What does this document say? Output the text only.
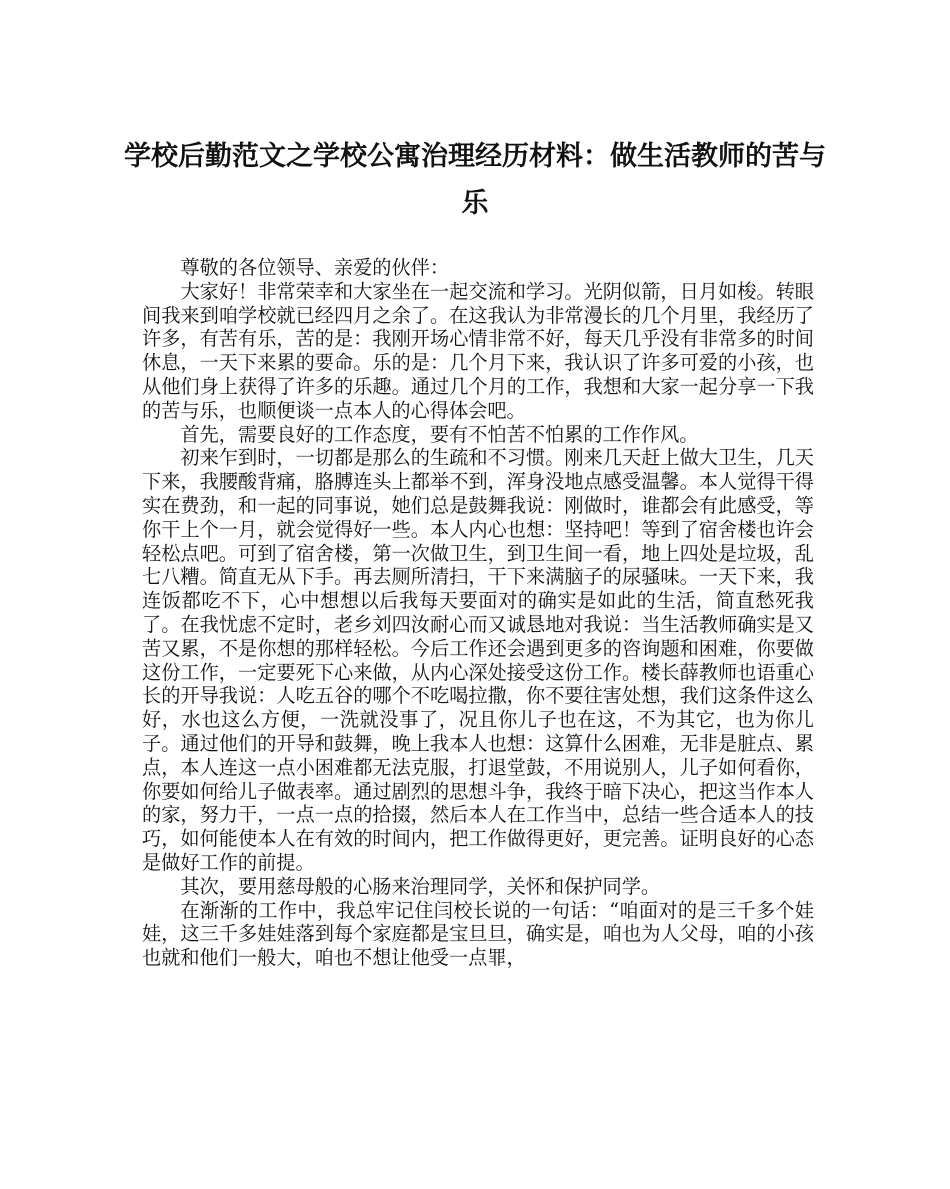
学校后勤范文之学校公寓治理经历材料：做生活教师的苦与乐

尊敬的各位领导、亲爱的伙伴：

大家好！非常荣幸和大家坐在一起交流和学习。光阴似箭，日月如梭。转眼间我来到咱学校就已经四月之余了。在这我认为非常漫长的几个月里，我经历了许多，有苦有乐，苦的是：我刚开场心情非常不好，每天几乎没有非常多的时间休息，一天下来累的要命。乐的是：几个月下来，我认识了许多可爱的小孩，也从他们身上获得了许多的乐趣。通过几个月的工作，我想和大家一起分享一下我的苦与乐，也顺便谈一点本人的心得体会吧。

首先，需要良好的工作态度，要有不怕苦不怕累的工作作风。

初来乍到时，一切都是那么的生疏和不习惯。刚来几天赶上做大卫生，几天下来，我腰酸背痛，胳膊连头上都举不到，浑身没地点感受温馨。本人觉得干得实在费劲，和一起的同事说，她们总是鼓舞我说：刚做时，谁都会有此感受，等你干上个一月，就会觉得好一些。本人内心也想：坚持吧！等到了宿舍楼也许会轻松点吧。可到了宿舍楼，第一次做卫生，到卫生间一看，地上四处是垃圾，乱七八糟。简直无从下手。再去厕所清扫，干下来满脑子的尿骚味。一天下来，我连饭都吃不下，心中想想以后我每天要面对的确实是如此的生活，简直愁死我了。在我忧虑不定时，老乡刘四汝耐心而又诚恳地对我说：当生活教师确实是又苦又累，不是你想的那样轻松。今后工作还会遇到更多的咨询题和困难，你要做这份工作，一定要死下心来做，从内心深处接受这份工作。楼长薛教师也语重心长的开导我说：人吃五谷的哪个不吃喝拉撒，你不要往害处想，我们这条件这么好，水也这么方便，一洗就没事了，况且你儿子也在这，不为其它，也为你儿子。通过他们的开导和鼓舞，晚上我本人也想：这算什么困难，无非是脏点、累点，本人连这一点小困难都无法克服，打退堂鼓，不用说别人，儿子如何看你，你要如何给儿子做表率。通过剧烈的思想斗争，我终于暗下决心，把这当作本人的家，努力干，一点一点的拾掇，然后本人在工作当中，总结一些合适本人的技巧，如何能使本人在有效的时间内，把工作做得更好，更完善。证明良好的心态是做好工作的前提。

其次，要用慈母般的心肠来治理同学，关怀和保护同学。

在渐渐的工作中，我总牢记住闫校长说的一句话：“咱面对的是三千多个娃娃，这三千多娃娃落到每个家庭都是宝旦旦，确实是，咱也为人父母，咱的小孩也就和他们一般大，咱也不想让他受一点罪，
